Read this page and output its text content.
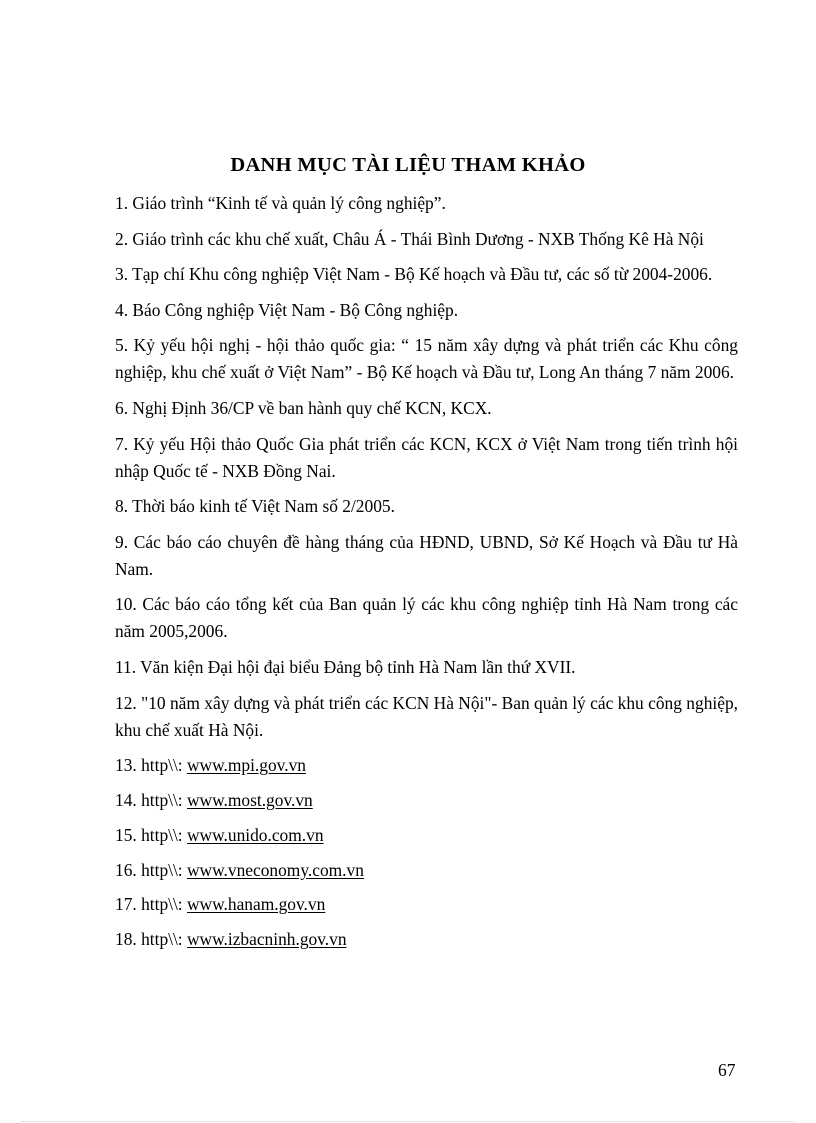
DANH MỤC TÀI LIỆU THAM KHẢO
1. Giáo trình “Kinh tế và quản lý công nghiệp”.
2. Giáo trình các khu chế xuất, Châu Á - Thái Bình Dương - NXB Thống Kê Hà Nội
3. Tạp chí Khu công nghiệp Việt Nam - Bộ Kế hoạch và Đầu tư, các số từ 2004-2006.
4. Báo Công nghiệp Việt Nam - Bộ Công nghiệp.
5. Kỷ yếu hội nghị - hội thảo quốc gia: “ 15 năm xây dựng và phát triển các Khu công nghiệp, khu chế xuất ở Việt Nam” - Bộ Kế hoạch và Đầu tư, Long An tháng 7 năm 2006.
6. Nghị Định 36/CP về ban hành quy chế KCN, KCX.
7. Kỷ yếu Hội thảo Quốc Gia phát triển các KCN, KCX ở Việt Nam trong tiến trình hội nhập Quốc tế - NXB Đồng Nai.
8. Thời báo kinh tế Việt Nam số 2/2005.
9. Các báo cáo chuyên đề hàng tháng của HĐND, UBND, Sở Kế Hoạch và Đầu tư Hà Nam.
10. Các báo cáo tổng kết của Ban quản lý các khu công nghiệp tỉnh Hà Nam trong các năm 2005,2006.
11. Văn kiện Đại hội đại biểu Đảng bộ tỉnh Hà Nam lần thứ XVII.
12. "10 năm xây dựng và phát triển các KCN Hà Nội"- Ban quản lý các khu công nghiệp, khu chế xuất Hà Nội.
13. http\\: www.mpi.gov.vn
14. http\\: www.most.gov.vn
15. http\\: www.unido.com.vn
16. http\\: www.vneconomy.com.vn
17. http\\: www.hanam.gov.vn
18. http\\: www.izbacninh.gov.vn
67
